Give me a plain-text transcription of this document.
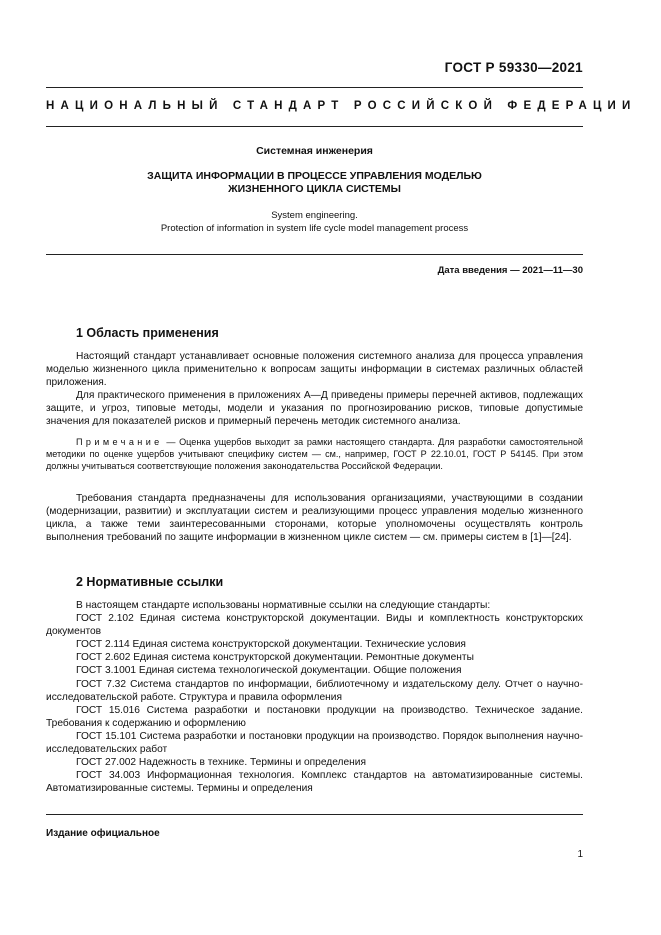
ГОСТ Р 59330—2021
НАЦИОНАЛЬНЫЙ СТАНДАРТ РОССИЙСКОЙ ФЕДЕРАЦИИ
Системная инженерия
ЗАЩИТА ИНФОРМАЦИИ В ПРОЦЕССЕ УПРАВЛЕНИЯ МОДЕЛЬЮ
ЖИЗНЕННОГО ЦИКЛА СИСТЕМЫ
System engineering.
Protection of information in system life cycle model management process
Дата введения — 2021—11—30
1 Область применения
Настоящий стандарт устанавливает основные положения системного анализа для процесса управления моделью жизненного цикла применительно к вопросам защиты информации в системах различных областей приложения.
Для практического применения в приложениях А—Д приведены примеры перечней активов, подлежащих защите, и угроз, типовые методы, модели и указания по прогнозированию рисков, типовые допустимые значения для показателей рисков и примерный перечень методик системного анализа.
Примечание — Оценка ущербов выходит за рамки настоящего стандарта. Для разработки самостоятельной методики по оценке ущербов учитывают специфику систем — см., например, ГОСТ Р 22.10.01, ГОСТ Р 54145. При этом должны учитываться соответствующие положения законодательства Российской Федерации.
Требования стандарта предназначены для использования организациями, участвующими в создании (модернизации, развитии) и эксплуатации систем и реализующими процесс управления моделью жизненного цикла, а также теми заинтересованными сторонами, которые уполномочены осуществлять контроль выполнения требований по защите информации в жизненном цикле систем — см. примеры систем в [1]—[24].
2 Нормативные ссылки
В настоящем стандарте использованы нормативные ссылки на следующие стандарты:
ГОСТ 2.102 Единая система конструкторской документации. Виды и комплектность конструкторских документов
ГОСТ 2.114 Единая система конструкторской документации. Технические условия
ГОСТ 2.602 Единая система конструкторской документации. Ремонтные документы
ГОСТ 3.1001 Единая система технологической документации. Общие положения
ГОСТ 7.32 Система стандартов по информации, библиотечному и издательскому делу. Отчет о научно-исследовательской работе. Структура и правила оформления
ГОСТ 15.016 Система разработки и постановки продукции на производство. Техническое задание. Требования к содержанию и оформлению
ГОСТ 15.101 Система разработки и постановки продукции на производство. Порядок выполнения научно-исследовательских работ
ГОСТ 27.002 Надежность в технике. Термины и определения
ГОСТ 34.003 Информационная технология. Комплекс стандартов на автоматизированные системы. Автоматизированные системы. Термины и определения
Издание официальное
1
